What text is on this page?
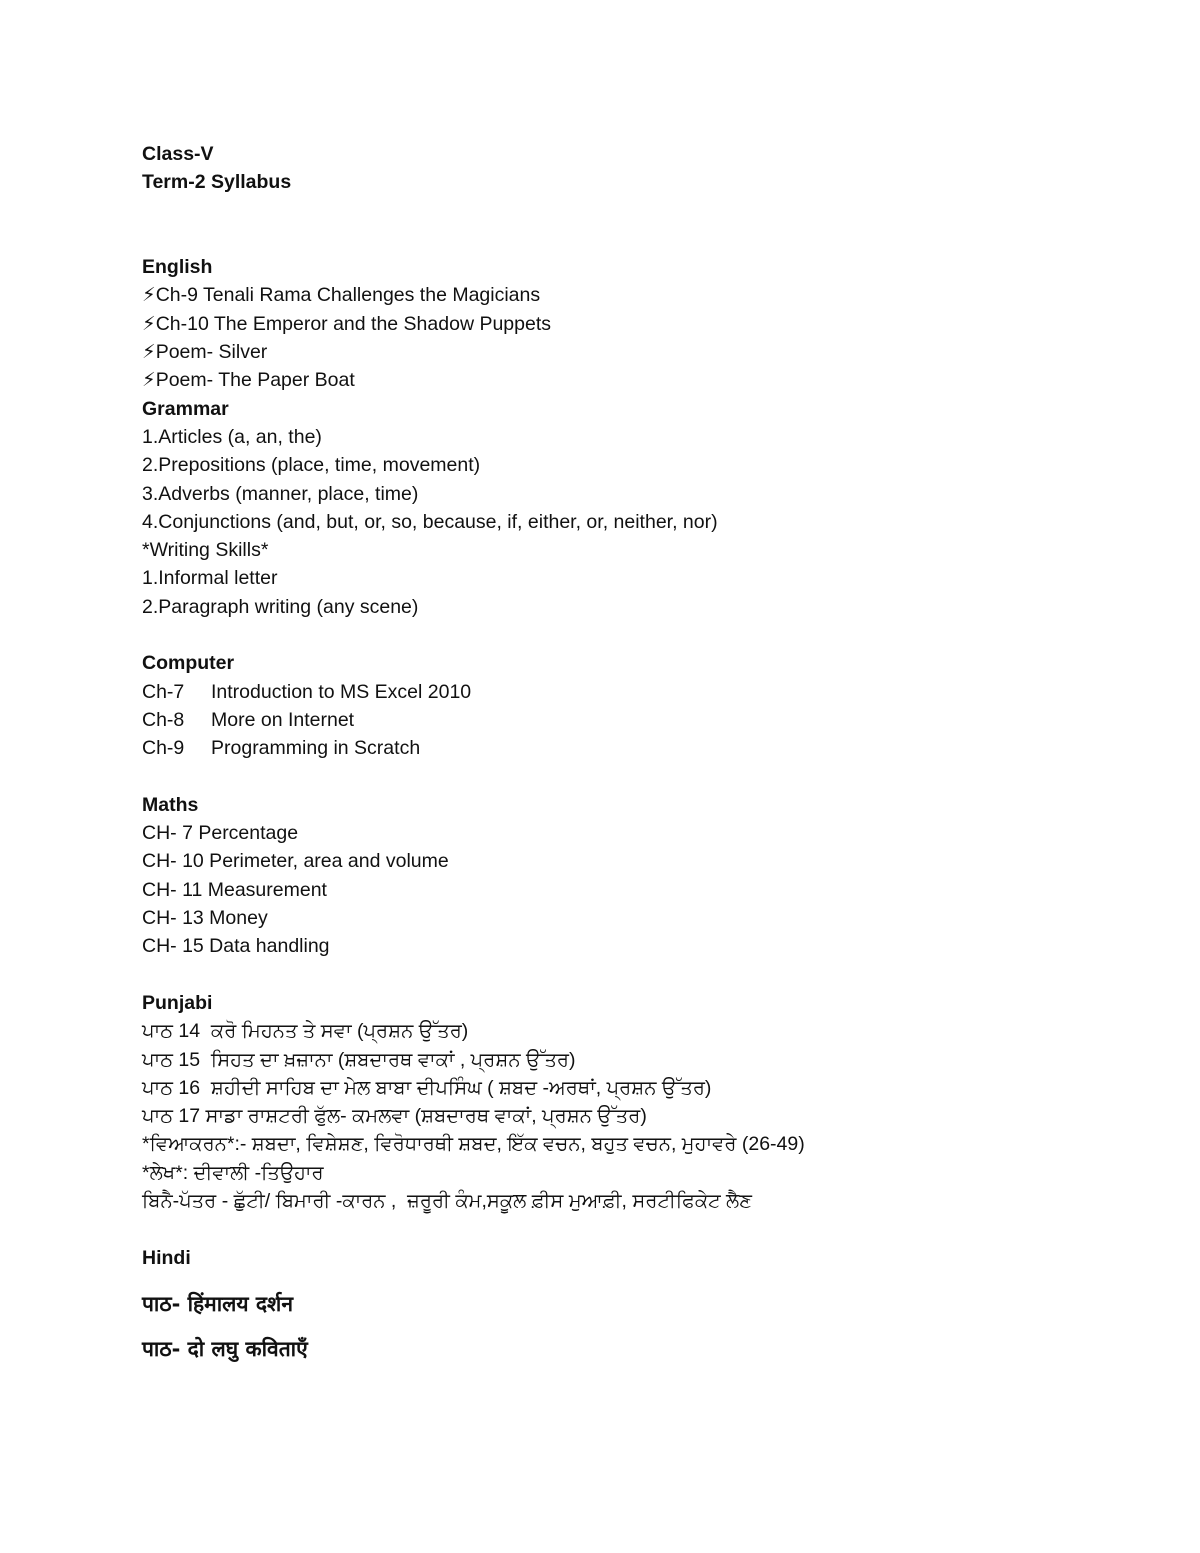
Class-V
Term-2 Syllabus
English
⚡Ch-9 Tenali Rama Challenges the Magicians
⚡Ch-10 The Emperor and the Shadow Puppets
⚡Poem- Silver
⚡Poem- The Paper Boat
Grammar
1.Articles (a, an, the)
2.Prepositions (place, time, movement)
3.Adverbs (manner, place, time)
4.Conjunctions (and, but, or, so, because, if, either, or, neither, nor)
*Writing Skills*
1.Informal letter
2.Paragraph writing (any scene)
Computer
Ch-7 Introduction to MS Excel 2010
Ch-8 More on Internet
Ch-9 Programming in Scratch
Maths
CH- 7 Percentage
CH- 10 Perimeter, area and volume
CH- 11 Measurement
CH- 13 Money
CH- 15 Data handling
Punjabi
ਪਾਠ 14  ਕਰੋ ਮਿਹਨਤ ਤੇ ਸਵਾ (ਪ੍ਰਸ਼ਨ ਉੱਤਰ)
ਪਾਠ 15  ਸਿਹਤ ਦਾ ਖ਼ਜ਼ਾਨਾ (ਸ਼ਬਦਾਰਥ ਵਾਕਾਂ , ਪ੍ਰਸ਼ਨ ਉੱਤਰ)
ਪਾਠ 16  ਸ਼ਹੀਦੀ ਸਾਹਿਬ ਦਾ ਮੇਲ ਬਾਬਾ ਦੀਪਸਿੰਘ ( ਸ਼ਬਦ -ਅਰਥਾਂ, ਪ੍ਰਸ਼ਨ ਉੱਤਰ)
ਪਾਠ 17 ਸਾਡਾ ਰਾਸ਼ਟਰੀ ਫੁੱਲ- ਕਮਲਵਾ (ਸ਼ਬਦਾਰਥ ਵਾਕਾਂ, ਪ੍ਰਸ਼ਨ ਉੱਤਰ)
*ਵਿਆਕਰਨ*:- ਸ਼ਬਦਾ, ਵਿਸ਼ੇਸ਼ਣ, ਵਿਰੋਧਾਰਥੀ ਸ਼ਬਦ, ਇੱਕ ਵਚਨ, ਬਹੁਤ ਵਚਨ, ਮੁਹਾਵਰੇ (26-49)
*ਲੇਖ*: ਦੀਵਾਲੀ -ਤਿਉਹਾਰ
ਬਿਨੈ-ਪੱਤਰ - ਛੁੱਟੀ/ ਬਿਮਾਰੀ -ਕਾਰਨ ,  ਜ਼ਰੂਰੀ ਕੰਮ,ਸਕੂਲ ਫ਼ੀਸ ਮੁਆਫ਼ੀ, ਸਰਟੀਫਿਕੇਟ ਲੈਣ
Hindi
पाठ- हिंमालय दर्शन
पाठ- दो लघु कविताएँ
